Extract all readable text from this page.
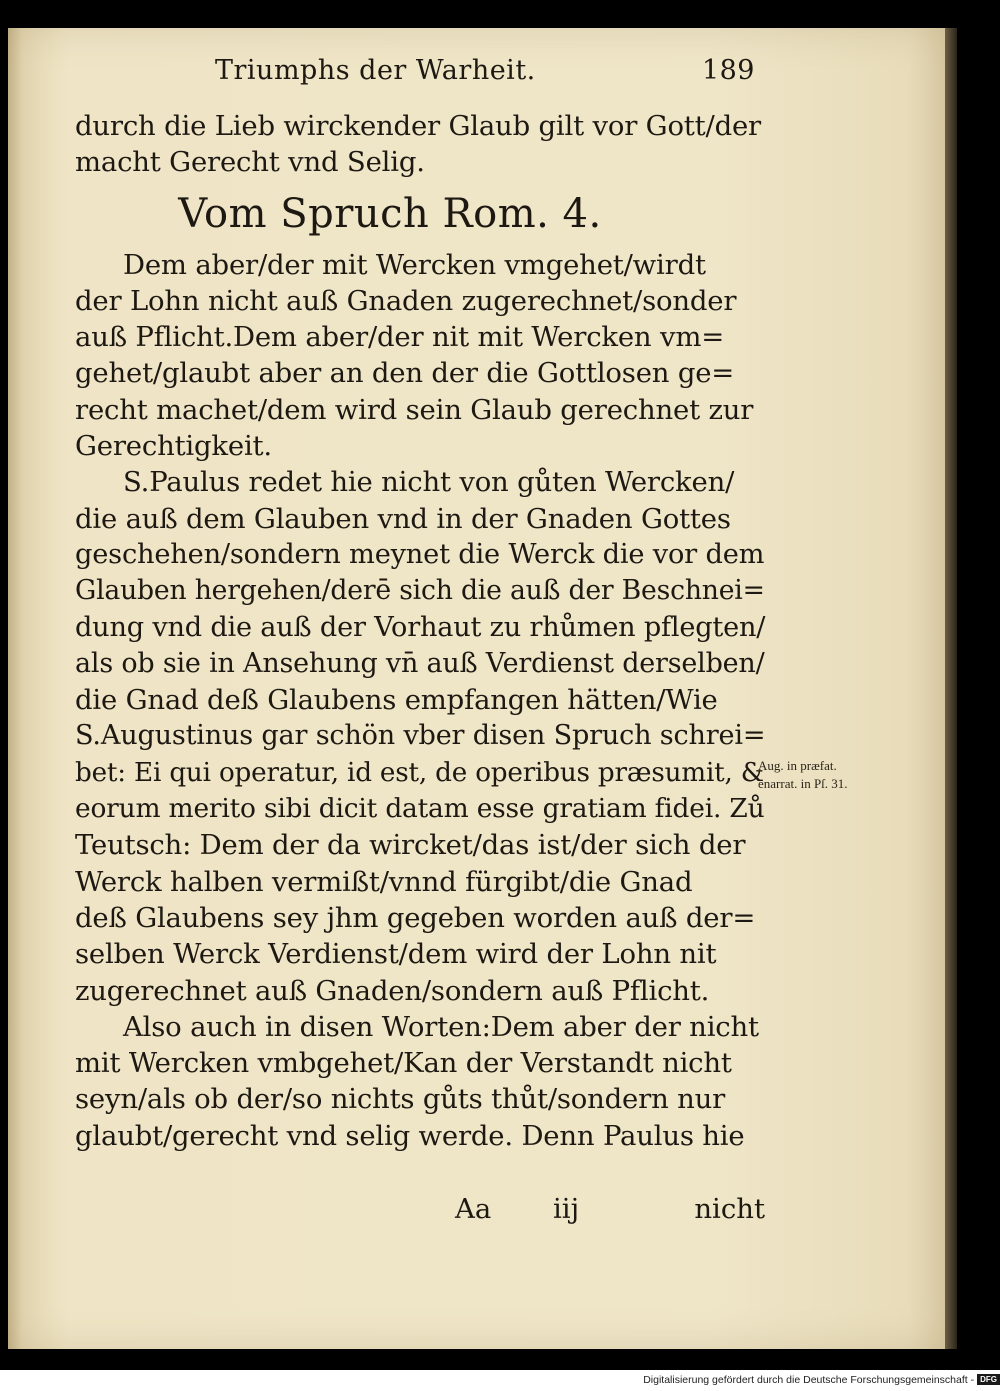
Triumphs der Warheit.	189
durch die Lieb wirckender Glaub gilt vor Gott/der
macht Gerecht vnd Selig.
Vom Spruch Rom. 4.
Dem aber/der mit Wercken vmgehet/wirdt
der Lohn nicht auß Gnaden zugerechnet/sonder
auß Pflicht.Dem aber/der nit mit Wercken vm=
gehet/glaubt aber an den der die Gottlosen ge=
recht machet/dem wird sein Glaub gerechnet zur
Gerechtigkeit.
S.Paulus redet hie nicht von gůten Wercken/
die auß dem Glauben vnd in der Gnaden Gottes
geschehen/sondern meynet die Werck die vor dem
Glauben hergehen/derē sich die auß der Beschnei=
dung vnd die auß der Vorhaut zu rhůmen pflegten/
als ob sie in Ansehung vn̄ auß Verdienst derselben/
die Gnad deß Glaubens empfangen hätten/Wie
S.Augustinus gar schön vber disen Spruch schrei=
bet: Ei qui operatur, id est, de operibus præsumit, &
eorum merito sibi dicit datam esse gratiam fidei. Zů
Teutsch: Dem der da wircket/das ist/der sich der
Werck halben vermißt/vnnd fürgibt/die Gnad
deß Glaubens sey jhm gegeben worden auß der=
selben Werck Verdienst/dem wird der Lohn nit
zugerechnet auß Gnaden/sondern auß Pflicht.
Also auch in disen Worten:Dem aber der nicht
mit Wercken vmbgehet/Kan der Verstandt nicht
seyn/als ob der/so nichts gůts thůt/sondern nur
glaubt/gerecht vnd selig werde. Denn Paulus hie
Aug. in præfat.
enarrat. in Pſ. 31.
Aa iij	nicht
Digitalisierung gefördert durch die Deutsche Forschungsgemeinschaft - DFG
